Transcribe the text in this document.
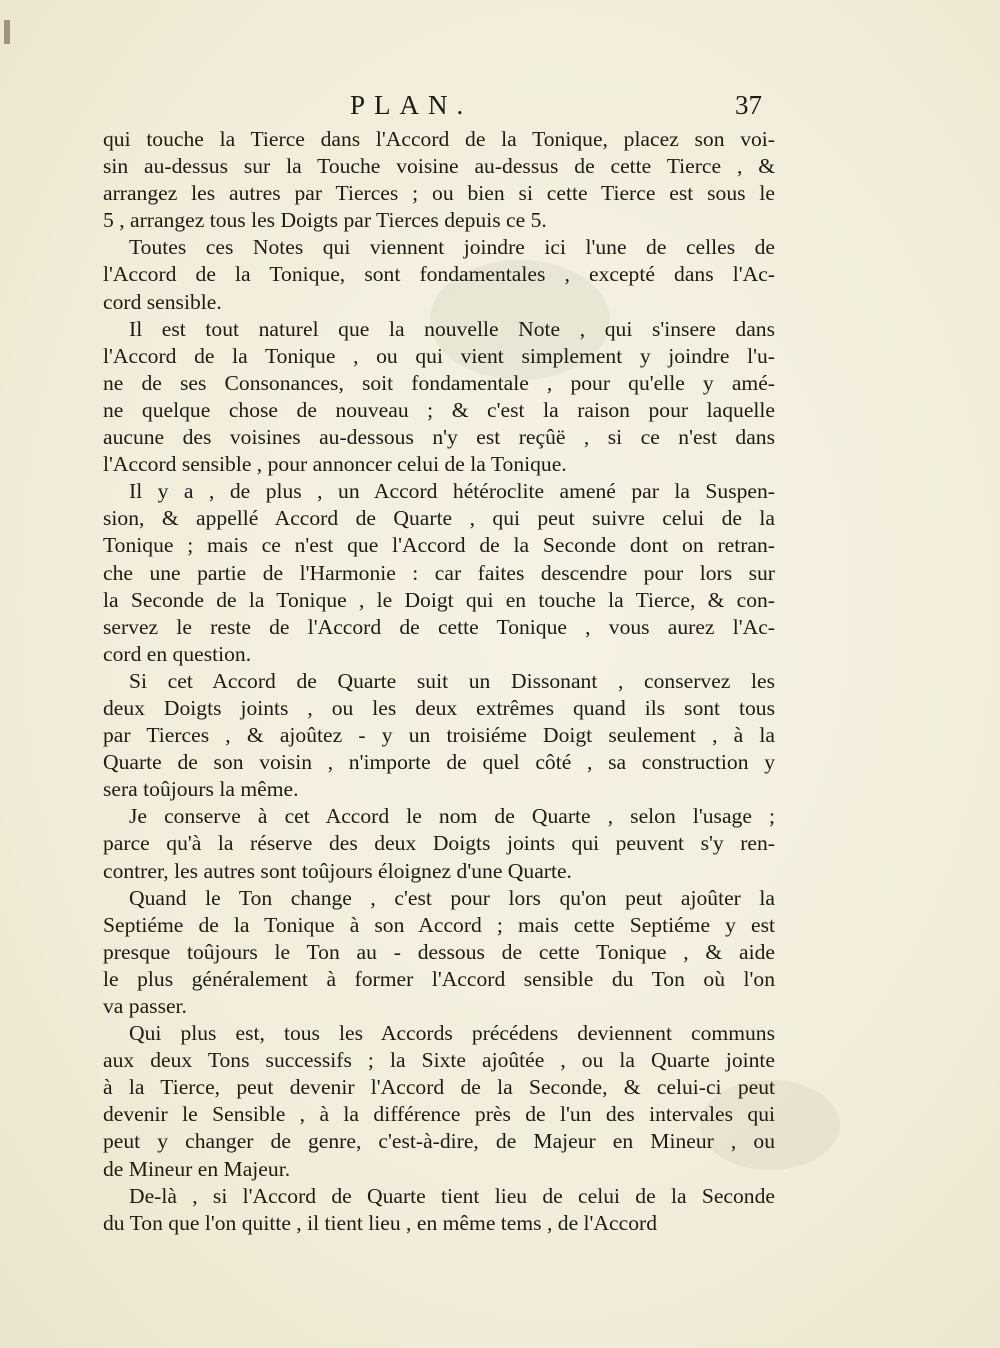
PLAN.	37
qui touche la Tierce dans l'Accord de la Tonique, placez son voi-
sin au-dessus sur la Touche voisine au-dessus de cette Tierce , &
arrangez les autres par Tierces ; ou bien si cette Tierce est sous le
5 , arrangez tous les Doigts par Tierces depuis ce 5.
Toutes ces Notes qui viennent joindre ici l'une de celles de
l'Accord de la Tonique, sont fondamentales , excepté dans l'Ac-
cord sensible.
Il est tout naturel que la nouvelle Note , qui s'insere dans
l'Accord de la Tonique , ou qui vient simplement y joindre l'u-
ne de ses Consonances, soit fondamentale , pour qu'elle y amé-
ne quelque chose de nouveau ; & c'est la raison pour laquelle
aucune des voisines au-dessous n'y est reçûë , si ce n'est dans
l'Accord sensible , pour annoncer celui de la Tonique.
Il y a , de plus , un Accord hétéroclite amené par la Suspen-
sion, & appellé Accord de Quarte , qui peut suivre celui de la
Tonique ; mais ce n'est que l'Accord de la Seconde dont on retran-
che une partie de l'Harmonie : car faites descendre pour lors sur
la Seconde de la Tonique , le Doigt qui en touche la Tierce, & con-
servez le reste de l'Accord de cette Tonique , vous aurez l'Ac-
cord en question.
Si cet Accord de Quarte suit un Dissonant , conservez les
deux Doigts joints , ou les deux extrêmes quand ils sont tous
par Tierces , & ajoûtez - y un troisiéme Doigt seulement , à la
Quarte de son voisin , n'importe de quel côté , sa construction y
sera toûjours la même.
Je conserve à cet Accord le nom de Quarte , selon l'usage ;
parce qu'à la réserve des deux Doigts joints qui peuvent s'y ren-
contrer, les autres sont toûjours éloignez d'une Quarte.
Quand le Ton change , c'est pour lors qu'on peut ajoûter la
Septiéme de la Tonique à son Accord ; mais cette Septiéme y est
presque toûjours le Ton au - dessous de cette Tonique , & aide
le plus généralement à former l'Accord sensible du Ton où l'on
va passer.
Qui plus est, tous les Accords précédens deviennent communs
aux deux Tons successifs ; la Sixte ajoûtée , ou la Quarte jointe
à la Tierce, peut devenir l'Accord de la Seconde, & celui-ci peut
devenir le Sensible , à la différence près de l'un des intervales qui
peut y changer de genre, c'est-à-dire, de Majeur en Mineur , ou
de Mineur en Majeur.
De-là , si l'Accord de Quarte tient lieu de celui de la Seconde
du Ton que l'on quitte , il tient lieu , en même tems , de l'Accord
